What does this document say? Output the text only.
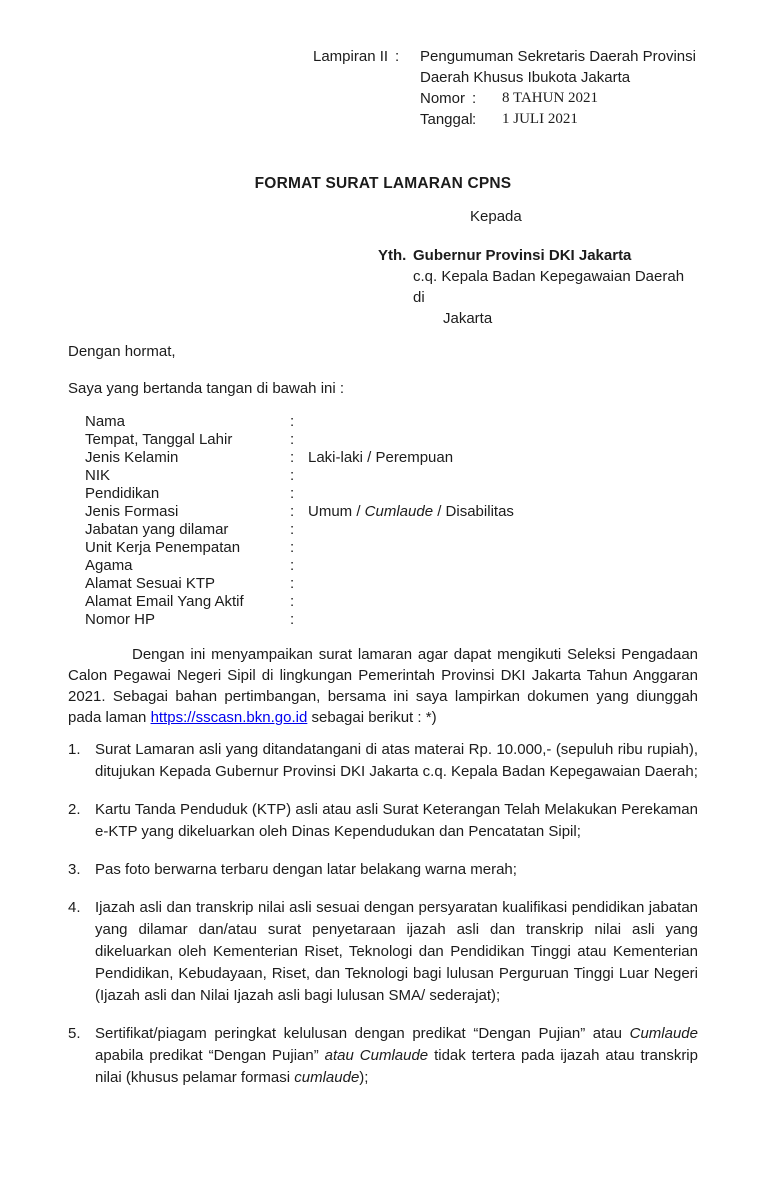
Lampiran II :	Pengumuman Sekretaris Daerah Provinsi
Daerah Khusus Ibukota Jakarta
Nomor :	8 TAHUN 2021
Tanggal :	1 JULI 2021
FORMAT SURAT LAMARAN CPNS
Kepada
Yth. Gubernur Provinsi DKI Jakarta
c.q. Kepala Badan Kepegawaian Daerah
di
Jakarta
Dengan hormat,
Saya yang bertanda tangan di bawah ini :
Nama	:
Tempat, Tanggal Lahir	:
Jenis Kelamin	: Laki-laki / Perempuan
NIK	:
Pendidikan	:
Jenis Formasi	: Umum / Cumlaude / Disabilitas
Jabatan yang dilamar	:
Unit Kerja Penempatan	:
Agama	:
Alamat Sesuai KTP	:
Alamat Email Yang Aktif	:
Nomor HP	:
Dengan ini menyampaikan surat lamaran agar dapat mengikuti Seleksi Pengadaan Calon Pegawai Negeri Sipil di lingkungan Pemerintah Provinsi DKI Jakarta Tahun Anggaran 2021. Sebagai bahan pertimbangan, bersama ini saya lampirkan dokumen yang diunggah pada laman https://sscasn.bkn.go.id sebagai berikut : *)
1. Surat Lamaran asli yang ditandatangani di atas materai Rp. 10.000,- (sepuluh ribu rupiah), ditujukan Kepada Gubernur Provinsi DKI Jakarta c.q. Kepala Badan Kepegawaian Daerah;
2. Kartu Tanda Penduduk (KTP) asli atau asli Surat Keterangan Telah Melakukan Perekaman e-KTP yang dikeluarkan oleh Dinas Kependudukan dan Pencatatan Sipil;
3. Pas foto berwarna terbaru dengan latar belakang warna merah;
4. Ijazah asli dan transkrip nilai asli sesuai dengan persyaratan kualifikasi pendidikan jabatan yang dilamar dan/atau surat penyetaraan ijazah asli dan transkrip nilai asli yang dikeluarkan oleh Kementerian Riset, Teknologi dan Pendidikan Tinggi atau Kementerian Pendidikan, Kebudayaan, Riset, dan Teknologi bagi lulusan Perguruan Tinggi Luar Negeri (Ijazah asli dan Nilai Ijazah asli bagi lulusan SMA/ sederajat);
5. Sertifikat/piagam peringkat kelulusan dengan predikat “Dengan Pujian” atau Cumlaude apabila predikat “Dengan Pujian” atau Cumlaude tidak tertera pada ijazah atau transkrip nilai (khusus pelamar formasi cumlaude);
